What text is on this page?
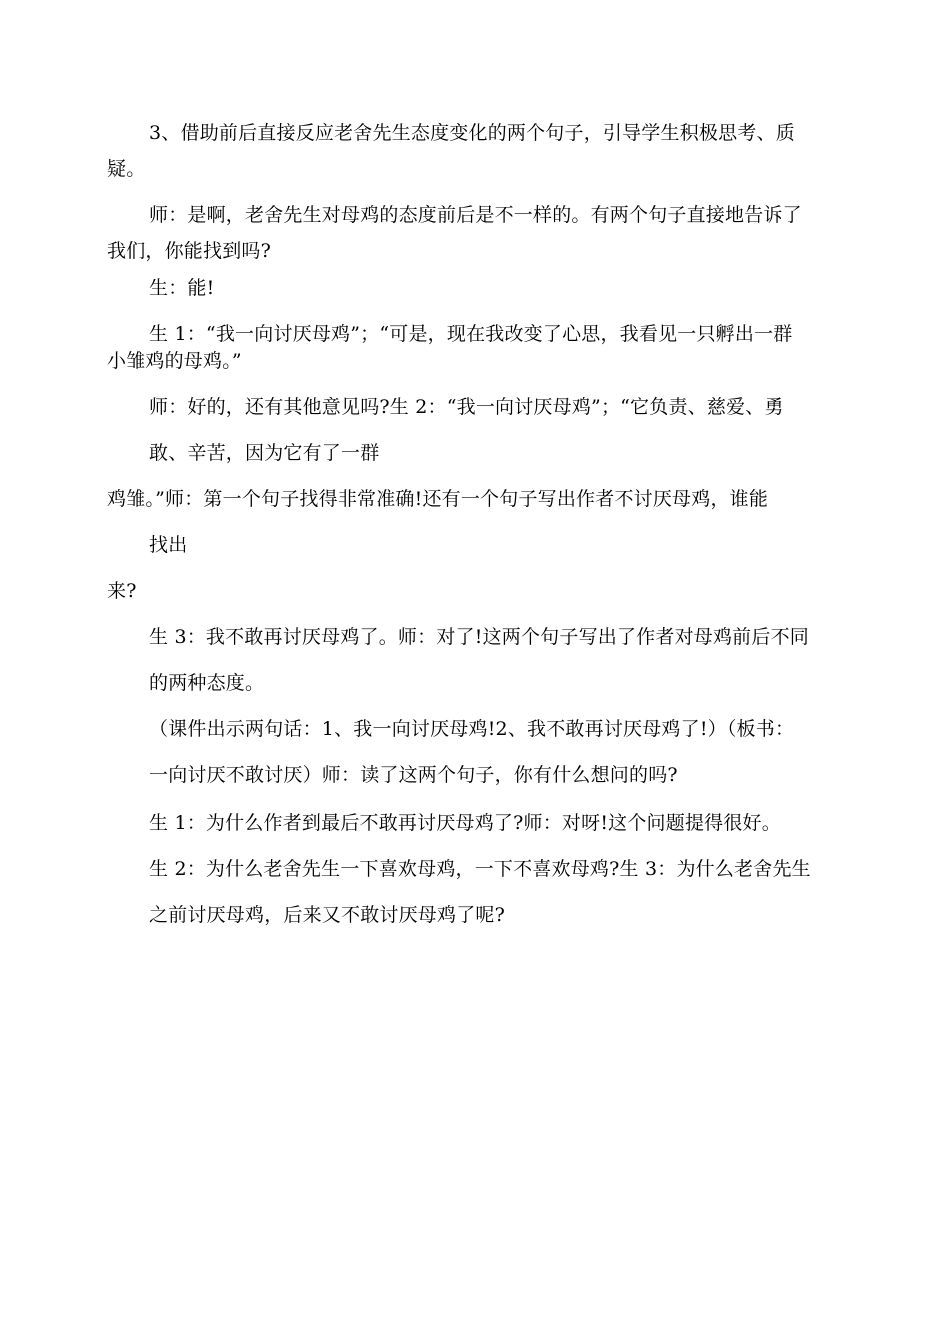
3、借助前后直接反应老舍先生态度变化的两个句子，引导学生积极思考、质
疑。
师：是啊，老舍先生对母鸡的态度前后是不一样的。有两个句子直接地告诉了
我们，你能找到吗?
生：能!
生 1：“我一向讨厌母鸡”；“可是，现在我改变了心思，我看见一只孵出一群
小雏鸡的母鸡。”
师：好的，还有其他意见吗?生 2：“我一向讨厌母鸡”；“它负责、慈爱、勇
敢、辛苦，因为它有了一群
鸡雏。”师：第一个句子找得非常准确!还有一个句子写出作者不讨厌母鸡，谁能
找出
来?
生 3：我不敢再讨厌母鸡了。师：对了!这两个句子写出了作者对母鸡前后不同
的两种态度。
（课件出示两句话：1、我一向讨厌母鸡!2、我不敢再讨厌母鸡了!）（板书：
一向讨厌不敢讨厌）师：读了这两个句子，你有什么想问的吗?
生 1：为什么作者到最后不敢再讨厌母鸡了?师：对呀!这个问题提得很好。
生 2：为什么老舍先生一下喜欢母鸡，一下不喜欢母鸡?生 3：为什么老舍先生
之前讨厌母鸡，后来又不敢讨厌母鸡了呢?
